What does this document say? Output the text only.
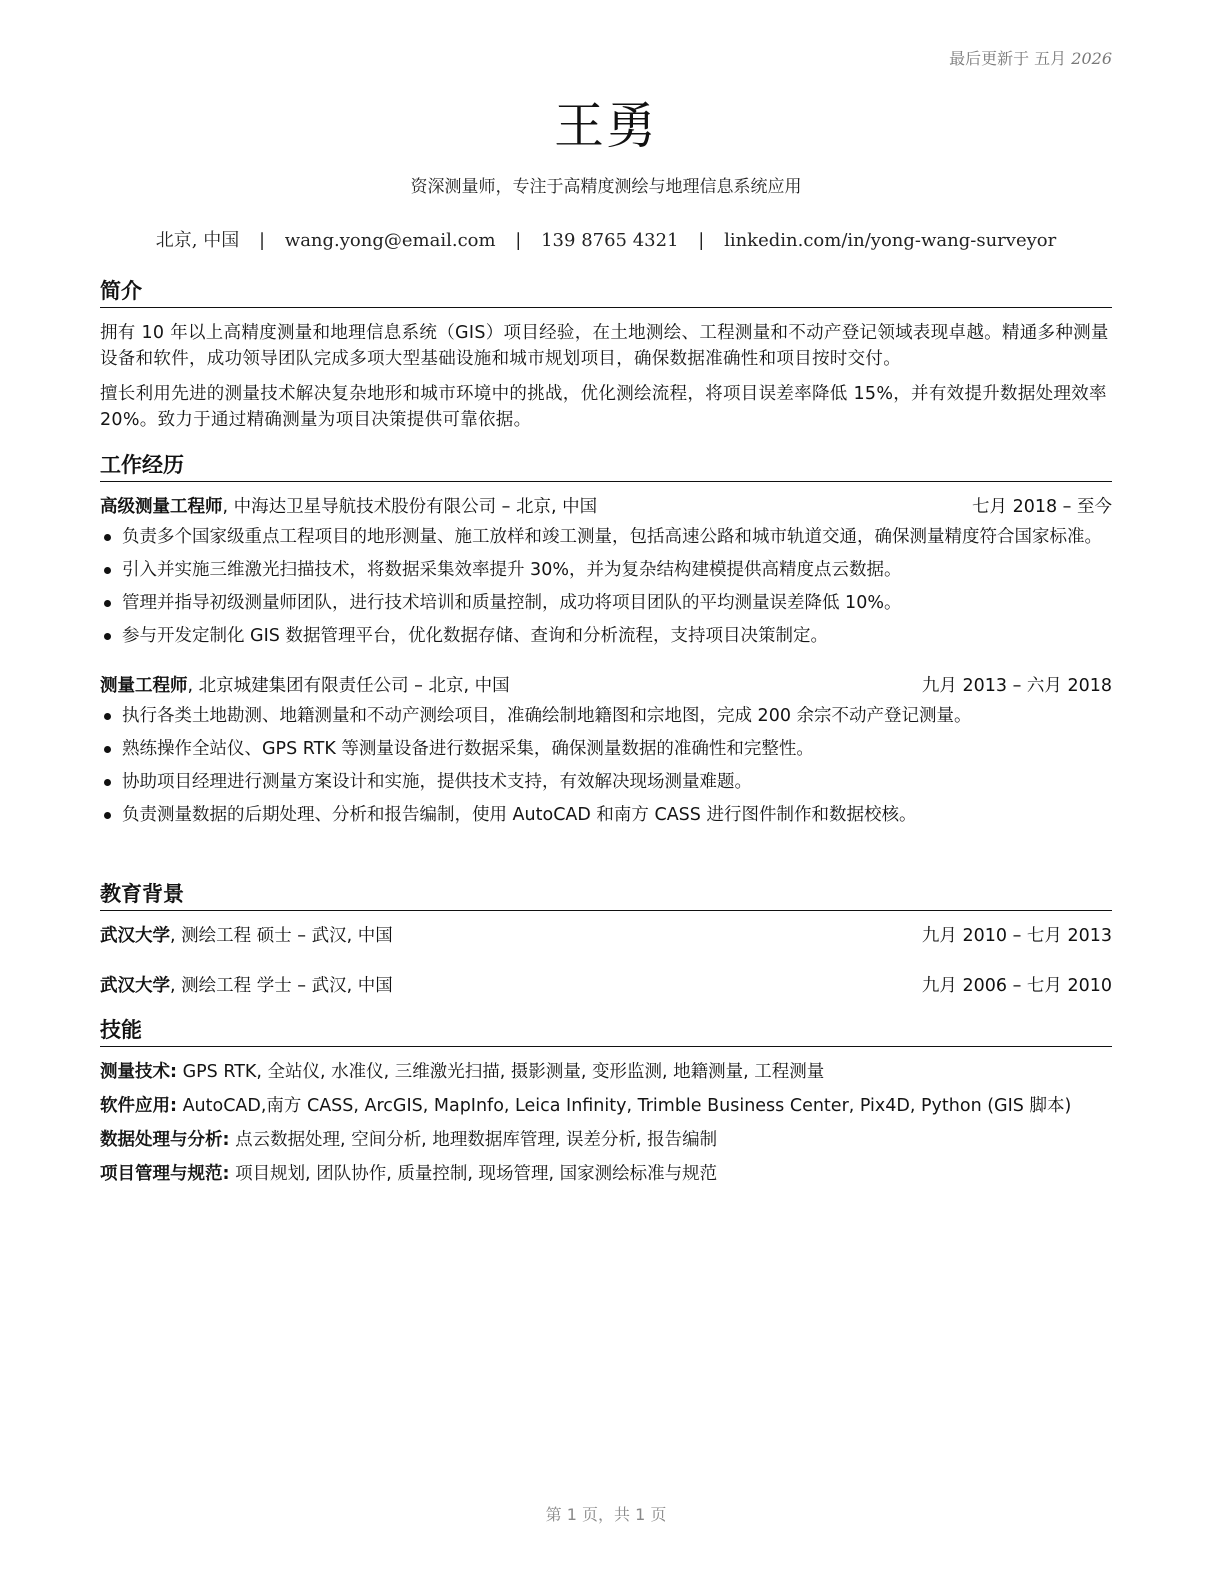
最后更新于 五月 2026
王勇
资深测量师，专注于高精度测绘与地理信息系统应用
北京, 中国 | wang.yong@email.com | 139 8765 4321 | linkedin.com/in/yong-wang-surveyor
简介

拥有 10 年以上高精度测量和地理信息系统（GIS）项目经验，在土地测绘、工程测量和不动产登记领域表现卓越。精通多种测量设备和软件，成功领导团队完成多项大型基础设施和城市规划项目，确保数据准确性和项目按时交付。

擅长利用先进的测量技术解决复杂地形和城市环境中的挑战，优化测绘流程，将项目误差率降低 15%，并有效提升数据处理效率 20%。致力于通过精确测量为项目决策提供可靠依据。

工作经历
高级测量工程师, 中海达卫星导航技术股份有限公司 – 北京, 中国	七月 2018 – 至今
负责多个国家级重点工程项目的地形测量、施工放样和竣工测量，包括高速公路和城市轨道交通，确保测量精度符合国家标准。
引入并实施三维激光扫描技术，将数据采集效率提升 30%，并为复杂结构建模提供高精度点云数据。
管理并指导初级测量师团队，进行技术培训和质量控制，成功将项目团队的平均测量误差降低 10%。
参与开发定制化 GIS 数据管理平台，优化数据存储、查询和分析流程，支持项目决策制定。
测量工程师, 北京城建集团有限责任公司 – 北京, 中国	九月 2013 – 六月 2018
执行各类土地勘测、地籍测量和不动产测绘项目，准确绘制地籍图和宗地图，完成 200 余宗不动产登记测量。
熟练操作全站仪、GPS RTK 等测量设备进行数据采集，确保测量数据的准确性和完整性。
协助项目经理进行测量方案设计和实施，提供技术支持，有效解决现场测量难题。
负责测量数据的后期处理、分析和报告编制，使用 AutoCAD 和南方 CASS 进行图件制作和数据校核。
教育背景
武汉大学, 测绘工程 硕士 – 武汉, 中国	九月 2010 – 七月 2013
武汉大学, 测绘工程 学士 – 武汉, 中国	九月 2006 – 七月 2010
技能
测量技术: GPS RTK, 全站仪, 水准仪, 三维激光扫描, 摄影测量, 变形监测, 地籍测量, 工程测量
软件应用: AutoCAD,南方 CASS, ArcGIS, MapInfo, Leica Infinity, Trimble Business Center, Pix4D, Python (GIS 脚本)
数据处理与分析: 点云数据处理, 空间分析, 地理数据库管理, 误差分析, 报告编制
项目管理与规范: 项目规划, 团队协作, 质量控制, 现场管理, 国家测绘标准与规范
第 1 页，共 1 页
